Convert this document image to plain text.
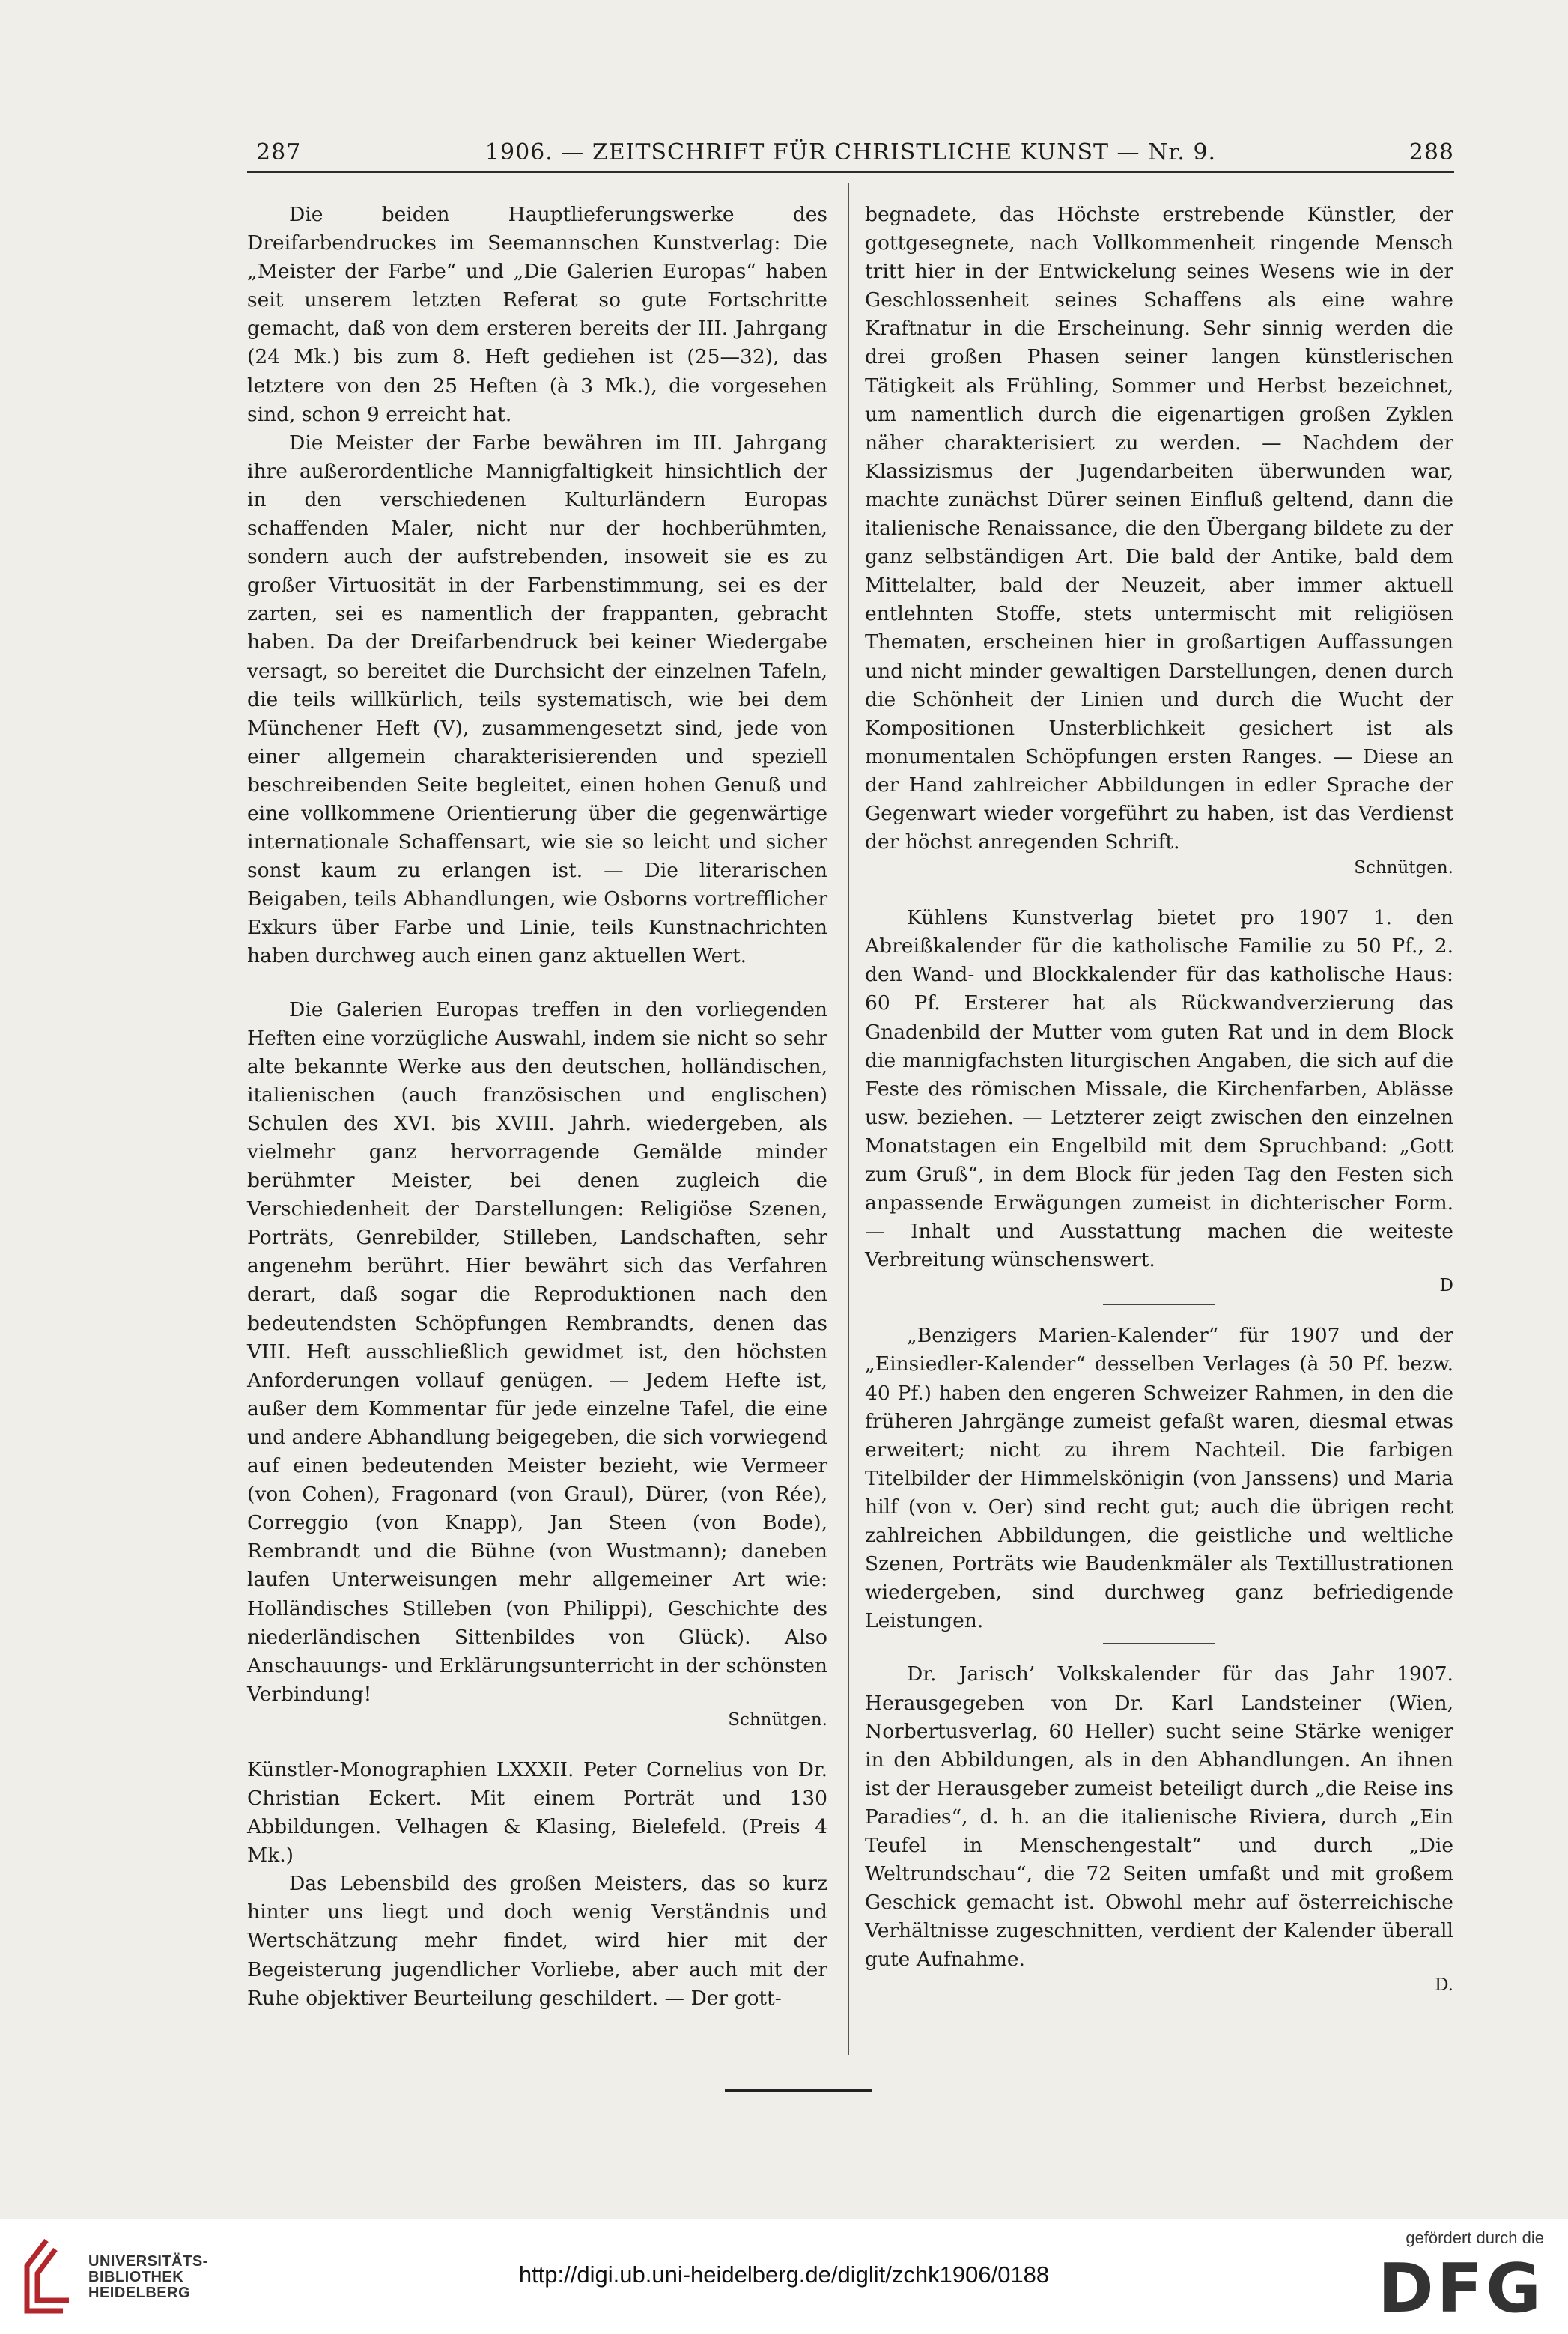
287	1906. — ZEITSCHRIFT FÜR CHRISTLICHE KUNST — Nr. 9.	288

Die beiden Hauptlieferungswerke des Dreifarbendruckes im Seemannschen Kunstverlag: Die „Meister der Farbe“ und „Die Galerien Europas“ haben seit unserem letzten Referat so gute Fortschritte gemacht, daß von dem ersteren bereits der III. Jahrgang (24 Mk.) bis zum 8. Heft gediehen ist (25—32), das letztere von den 25 Heften (à 3 Mk.), die vorgesehen sind, schon 9 erreicht hat.

Die Meister der Farbe bewähren im III. Jahrgang ihre außerordentliche Mannigfaltigkeit hinsichtlich der in den verschiedenen Kulturländern Europas schaffenden Maler, nicht nur der hochberühmten, sondern auch der aufstrebenden, insoweit sie es zu großer Virtuosität in der Farbenstimmung, sei es der zarten, sei es namentlich der frappanten, gebracht haben. Da der Dreifarbendruck bei keiner Wiedergabe versagt, so bereitet die Durchsicht der einzelnen Tafeln, die teils willkürlich, teils systematisch, wie bei dem Münchener Heft (V), zusammengesetzt sind, jede von einer allgemein charakterisierenden und speziell beschreibenden Seite begleitet, einen hohen Genuß und eine vollkommene Orientierung über die gegenwärtige internationale Schaffensart, wie sie so leicht und sicher sonst kaum zu erlangen ist. — Die literarischen Beigaben, teils Abhandlungen, wie Osborns vortrefflicher Exkurs über Farbe und Linie, teils Kunstnachrichten haben durchweg auch einen ganz aktuellen Wert.

Die Galerien Europas treffen in den vorliegenden Heften eine vorzügliche Auswahl, indem sie nicht so sehr alte bekannte Werke aus den deutschen, holländischen, italienischen (auch französischen und englischen) Schulen des XVI. bis XVIII. Jahrh. wiedergeben, als vielmehr ganz hervorragende Gemälde minder berühmter Meister, bei denen zugleich die Verschiedenheit der Darstellungen: Religiöse Szenen, Porträts, Genrebilder, Stilleben, Landschaften, sehr angenehm berührt. Hier bewährt sich das Verfahren derart, daß sogar die Reproduktionen nach den bedeutendsten Schöpfungen Rembrandts, denen das VIII. Heft ausschließlich gewidmet ist, den höchsten Anforderungen vollauf genügen. — Jedem Hefte ist, außer dem Kommentar für jede einzelne Tafel, die eine und andere Abhandlung beigegeben, die sich vorwiegend auf einen bedeutenden Meister bezieht, wie Vermeer (von Cohen), Fragonard (von Graul), Dürer, (von Rée), Correggio (von Knapp), Jan Steen (von Bode), Rembrandt und die Bühne (von Wustmann); daneben laufen Unterweisungen mehr allgemeiner Art wie: Holländisches Stilleben (von Philippi), Geschichte des niederländischen Sittenbildes von Glück). Also Anschauungs- und Erklärungsunterricht in der schönsten Verbindung!

Schnütgen.

Künstler-Monographien LXXXII. Peter Cornelius von Dr. Christian Eckert. Mit einem Porträt und 130 Abbildungen. Velhagen & Klasing, Bielefeld. (Preis 4 Mk.)

Das Lebensbild des großen Meisters, das so kurz hinter uns liegt und doch wenig Verständnis und Wertschätzung mehr findet, wird hier mit der Begeisterung jugendlicher Vorliebe, aber auch mit der Ruhe objektiver Beurteilung geschildert. — Der gott-

begnadete, das Höchste erstrebende Künstler, der gottgesegnete, nach Vollkommenheit ringende Mensch tritt hier in der Entwickelung seines Wesens wie in der Geschlossenheit seines Schaffens als eine wahre Kraftnatur in die Erscheinung. Sehr sinnig werden die drei großen Phasen seiner langen künstlerischen Tätigkeit als Frühling, Sommer und Herbst bezeichnet, um namentlich durch die eigenartigen großen Zyklen näher charakterisiert zu werden. — Nachdem der Klassizismus der Jugendarbeiten überwunden war, machte zunächst Dürer seinen Einfluß geltend, dann die italienische Renaissance, die den Übergang bildete zu der ganz selbständigen Art. Die bald der Antike, bald dem Mittelalter, bald der Neuzeit, aber immer aktuell entlehnten Stoffe, stets untermischt mit religiösen Thematen, erscheinen hier in großartigen Auffassungen und nicht minder gewaltigen Darstellungen, denen durch die Schönheit der Linien und durch die Wucht der Kompositionen Unsterblichkeit gesichert ist als monumentalen Schöpfungen ersten Ranges. — Diese an der Hand zahlreicher Abbildungen in edler Sprache der Gegenwart wieder vorgeführt zu haben, ist das Verdienst der höchst anregenden Schrift.

Schnütgen.

Kühlens Kunstverlag bietet pro 1907 1. den Abreißkalender für die katholische Familie zu 50 Pf., 2. den Wand- und Blockkalender für das katholische Haus: 60 Pf. Ersterer hat als Rückwandverzierung das Gnadenbild der Mutter vom guten Rat und in dem Block die mannigfachsten liturgischen Angaben, die sich auf die Feste des römischen Missale, die Kirchenfarben, Ablässe usw. beziehen. — Letzterer zeigt zwischen den einzelnen Monatstagen ein Engelbild mit dem Spruchband: „Gott zum Gruß“, in dem Block für jeden Tag den Festen sich anpassende Erwägungen zumeist in dichterischer Form. — Inhalt und Ausstattung machen die weiteste Verbreitung wünschenswert.

D

„Benzigers Marien-Kalender“ für 1907 und der „Einsiedler-Kalender“ desselben Verlages (à 50 Pf. bezw. 40 Pf.) haben den engeren Schweizer Rahmen, in den die früheren Jahrgänge zumeist gefaßt waren, diesmal etwas erweitert; nicht zu ihrem Nachteil. Die farbigen Titelbilder der Himmelskönigin (von Janssens) und Maria hilf (von v. Oer) sind recht gut; auch die übrigen recht zahlreichen Abbildungen, die geistliche und weltliche Szenen, Porträts wie Baudenkmäler als Textillustrationen wiedergeben, sind durchweg ganz befriedigende Leistungen.

Dr. Jarisch’ Volkskalender für das Jahr 1907. Herausgegeben von Dr. Karl Landsteiner (Wien, Norbertusverlag, 60 Heller) sucht seine Stärke weniger in den Abbildungen, als in den Abhandlungen. An ihnen ist der Herausgeber zumeist beteiligt durch „die Reise ins Paradies“, d. h. an die italienische Riviera, durch „Ein Teufel in Menschengestalt“ und durch „Die Weltrundschau“, die 72 Seiten umfaßt und mit großem Geschick gemacht ist. Obwohl mehr auf österreichische Verhältnisse zugeschnitten, verdient der Kalender überall gute Aufnahme.

D.

UNIVERSITÄTS-
BIBLIOTHEK
HEIDELBERG
http://digi.ub.uni-heidelberg.de/diglit/zchk1906/0188
gefördert durch die
DFG
